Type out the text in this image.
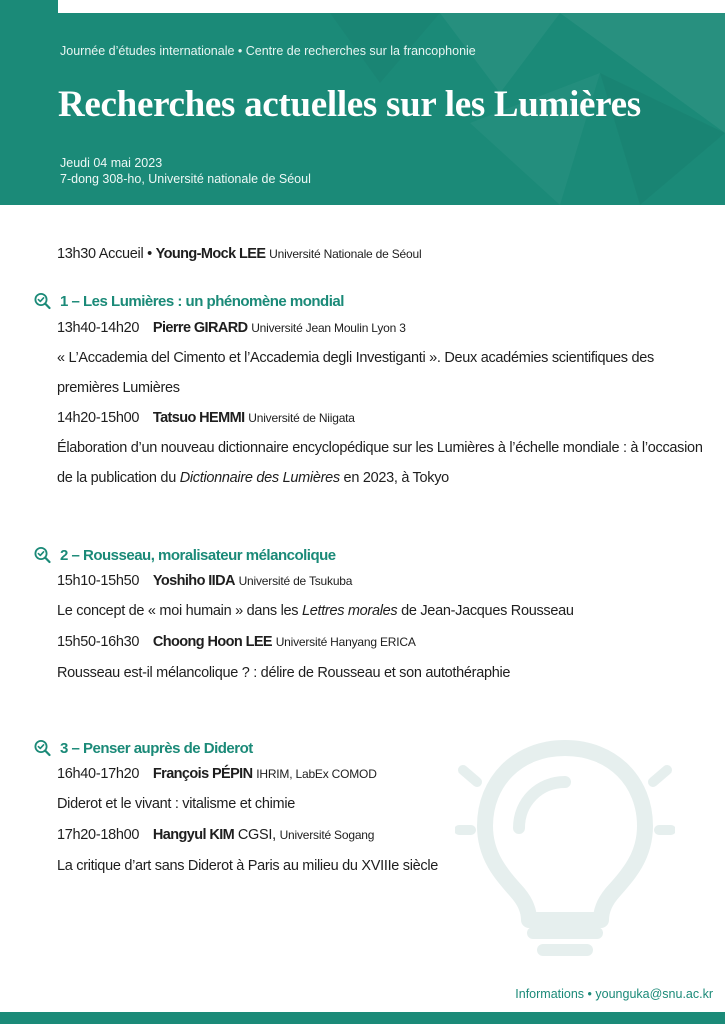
Journée d’études internationale • Centre de recherches sur la francophonie
Recherches actuelles sur les Lumières
Jeudi 04 mai 2023
7-dong 308-ho, Université nationale de Séoul
13h30 Accueil • Young-Mock LEE Université Nationale de Séoul
1 – Les Lumières : un phénomène mondial
13h40-14h20 Pierre GIRARD Université Jean Moulin Lyon 3
« L’Accademia del Cimento et l’Accademia degli Investiganti ». Deux académies scientifiques des premières Lumières
14h20-15h00 Tatsuo HEMMI Université de Niigata
Élaboration d’un nouveau dictionnaire encyclopédique sur les Lumières à l’échelle mondiale : à l’occasion de la publication du Dictionnaire des Lumières en 2023, à Tokyo
2 – Rousseau, moralisateur mélancolique
15h10-15h50 Yoshiho IIDA Université de Tsukuba
Le concept de « moi humain » dans les Lettres morales de Jean-Jacques Rousseau
15h50-16h30 Choong Hoon LEE Université Hanyang ERICA
Rousseau est-il mélancolique ? : délire de Rousseau et son autothéraphie
3 – Penser auprès de Diderot
16h40-17h20 François PÉPIN IHRIM, LabEx COMOD
Diderot et le vivant : vitalisme et chimie
17h20-18h00 Hangyul KIM CGSI, Université Sogang
La critique d’art sans Diderot à Paris au milieu du XVIIIe siècle
Informations • younguka@snu.ac.kr
